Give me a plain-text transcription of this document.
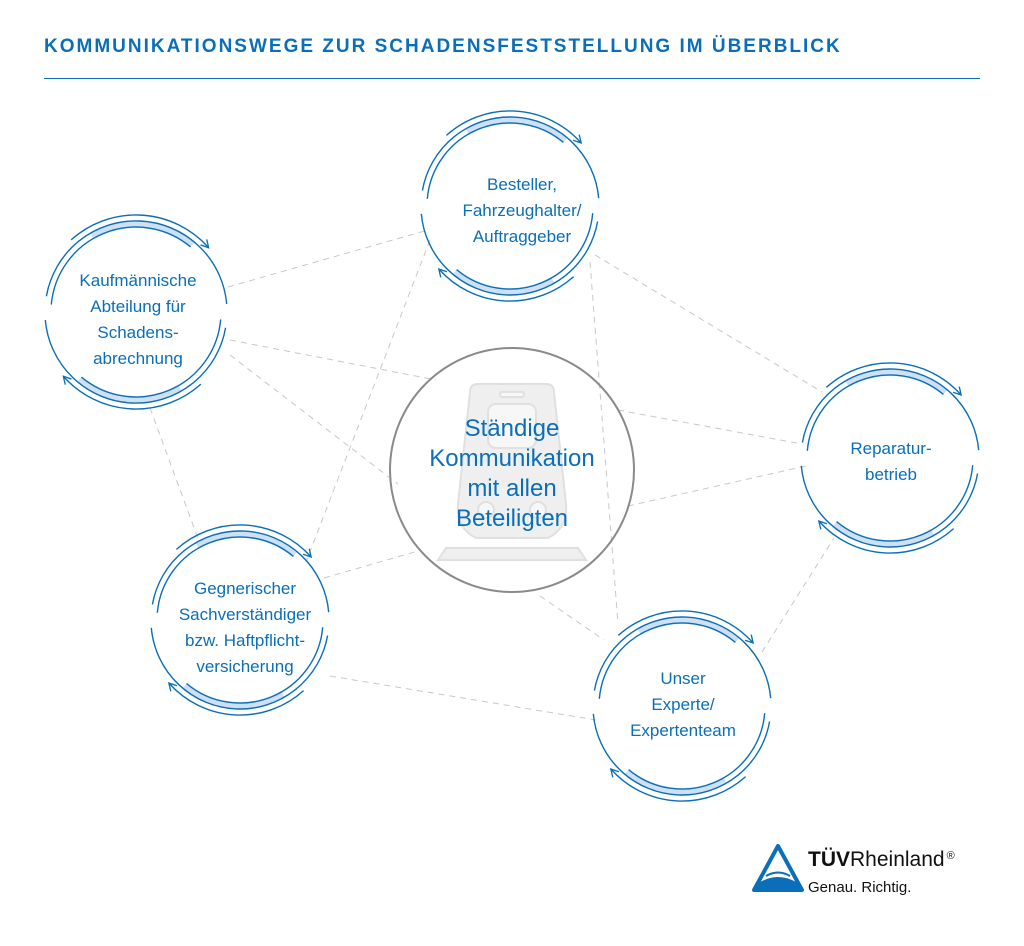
KOMMUNIKATIONSWEGE ZUR SCHADENSFESTSTELLUNG IM ÜBERBLICK
Besteller,
Fahrzeughalter/
Auftraggeber
Kaufmännische
Abteilung für
Schadens-
abrechnung
Reparatur-
betrieb
Gegnerischer
Sachverständiger
bzw. Haftpflicht-
versicherung
Unser
Experte/
Expertenteam
Ständige
Kommunikation
mit allen
Beteiligten
TÜVRheinland ®
Genau. Richtig.
